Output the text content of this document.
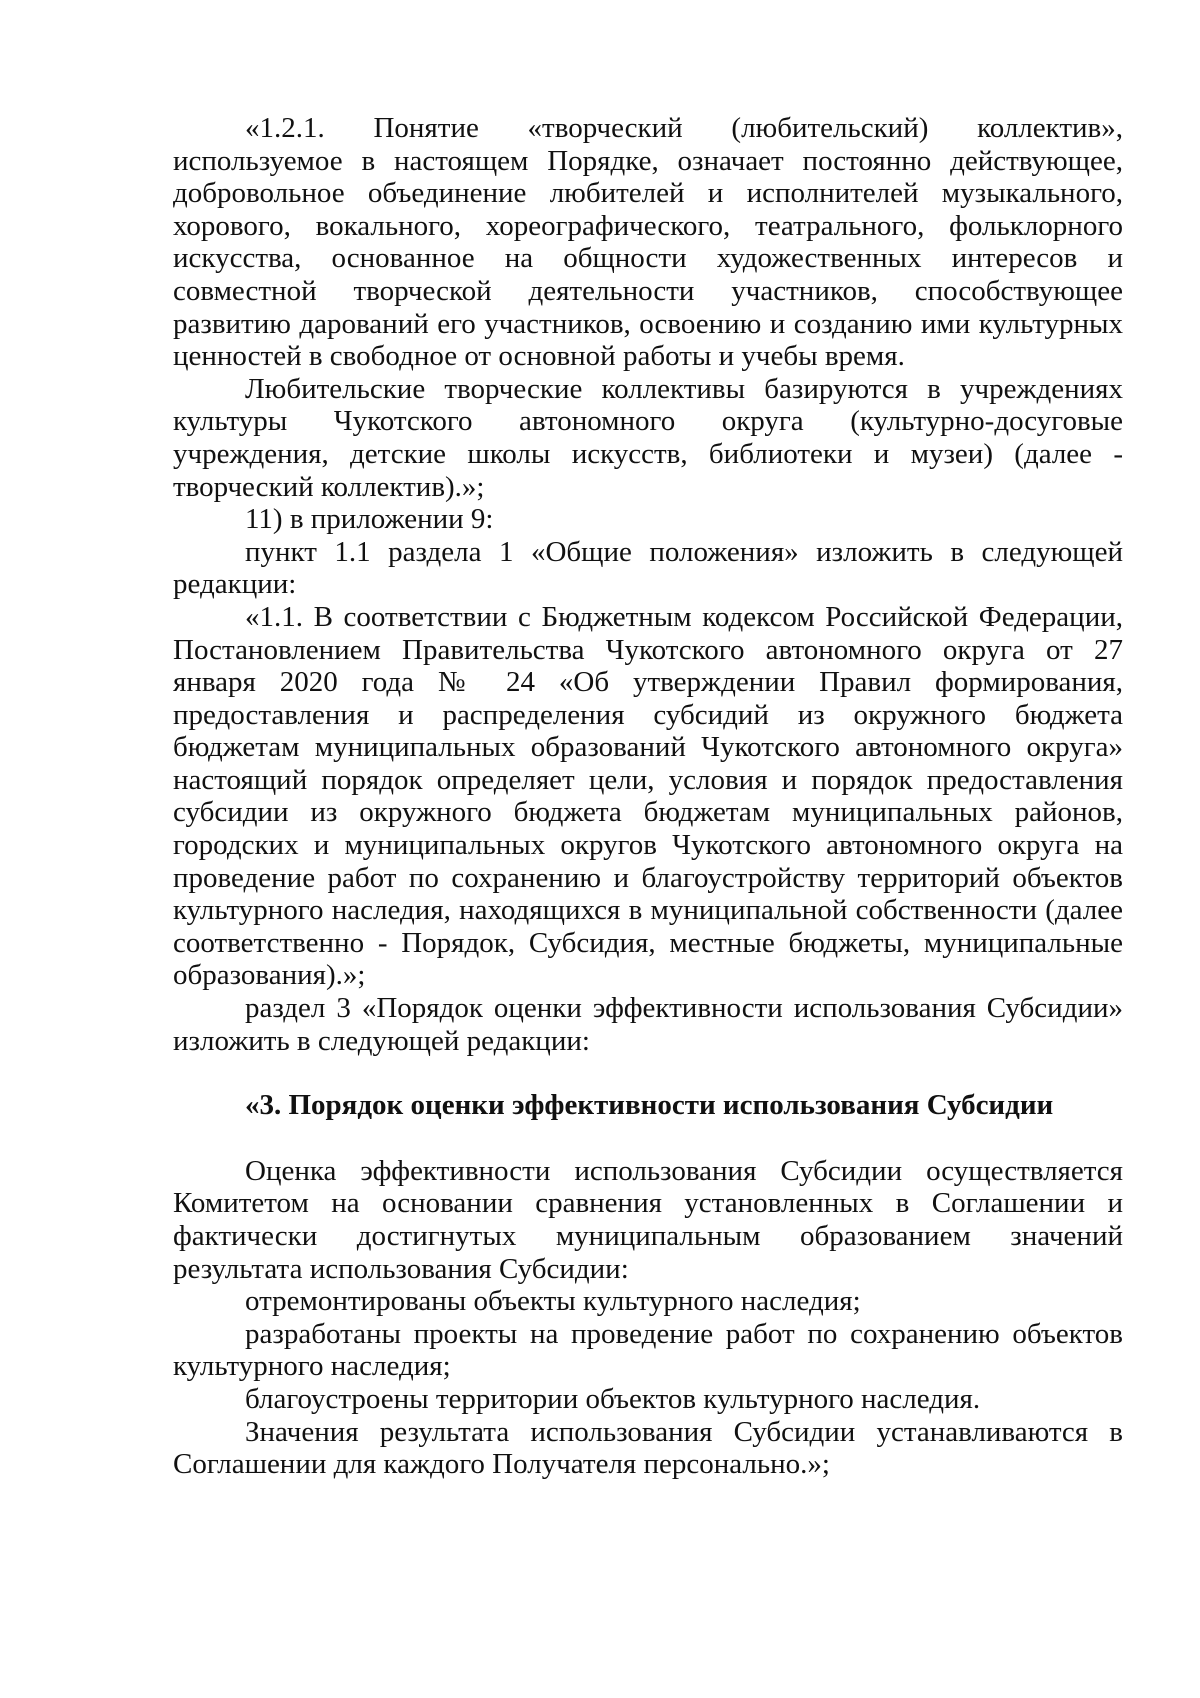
«1.2.1. Понятие «творческий (любительский) коллектив», используемое в настоящем Порядке, означает постоянно действующее, добровольное объединение любителей и исполнителей музыкального, хорового, вокального, хореографического, театрального, фольклорного искусства, основанное на общности художественных интересов и совместной творческой деятельности участников, способствующее развитию дарований его участников, освоению и созданию ими культурных ценностей в свободное от основной работы и учебы время.

Любительские творческие коллективы базируются в учреждениях культуры Чукотского автономного округа (культурно-досуговые учреждения, детские школы искусств, библиотеки и музеи) (далее - творческий коллектив).»;

11) в приложении 9:

пункт 1.1 раздела 1 «Общие положения» изложить в следующей редакции:

«1.1. В соответствии с Бюджетным кодексом Российской Федерации, Постановлением Правительства Чукотского автономного округа от 27 января 2020 года № 24 «Об утверждении Правил формирования, предоставления и распределения субсидий из окружного бюджета бюджетам муниципальных образований Чукотского автономного округа» настоящий порядок определяет цели, условия и порядок предоставления субсидии из окружного бюджета бюджетам муниципальных районов, городских и муниципальных округов Чукотского автономного округа на проведение работ по сохранению и благоустройству территорий объектов культурного наследия, находящихся в муниципальной собственности (далее соответственно - Порядок, Субсидия, местные бюджеты, муниципальные образования).»;

раздел 3 «Порядок оценки эффективности использования Субсидии» изложить в следующей редакции:

«3. Порядок оценки эффективности использования Субсидии

Оценка эффективности использования Субсидии осуществляется Комитетом на основании сравнения установленных в Соглашении и фактически достигнутых муниципальным образованием значений результата использования Субсидии:

отремонтированы объекты культурного наследия;

разработаны проекты на проведение работ по сохранению объектов культурного наследия;

благоустроены территории объектов культурного наследия.

Значения результата использования Субсидии устанавливаются в Соглашении для каждого Получателя персонально.»;
